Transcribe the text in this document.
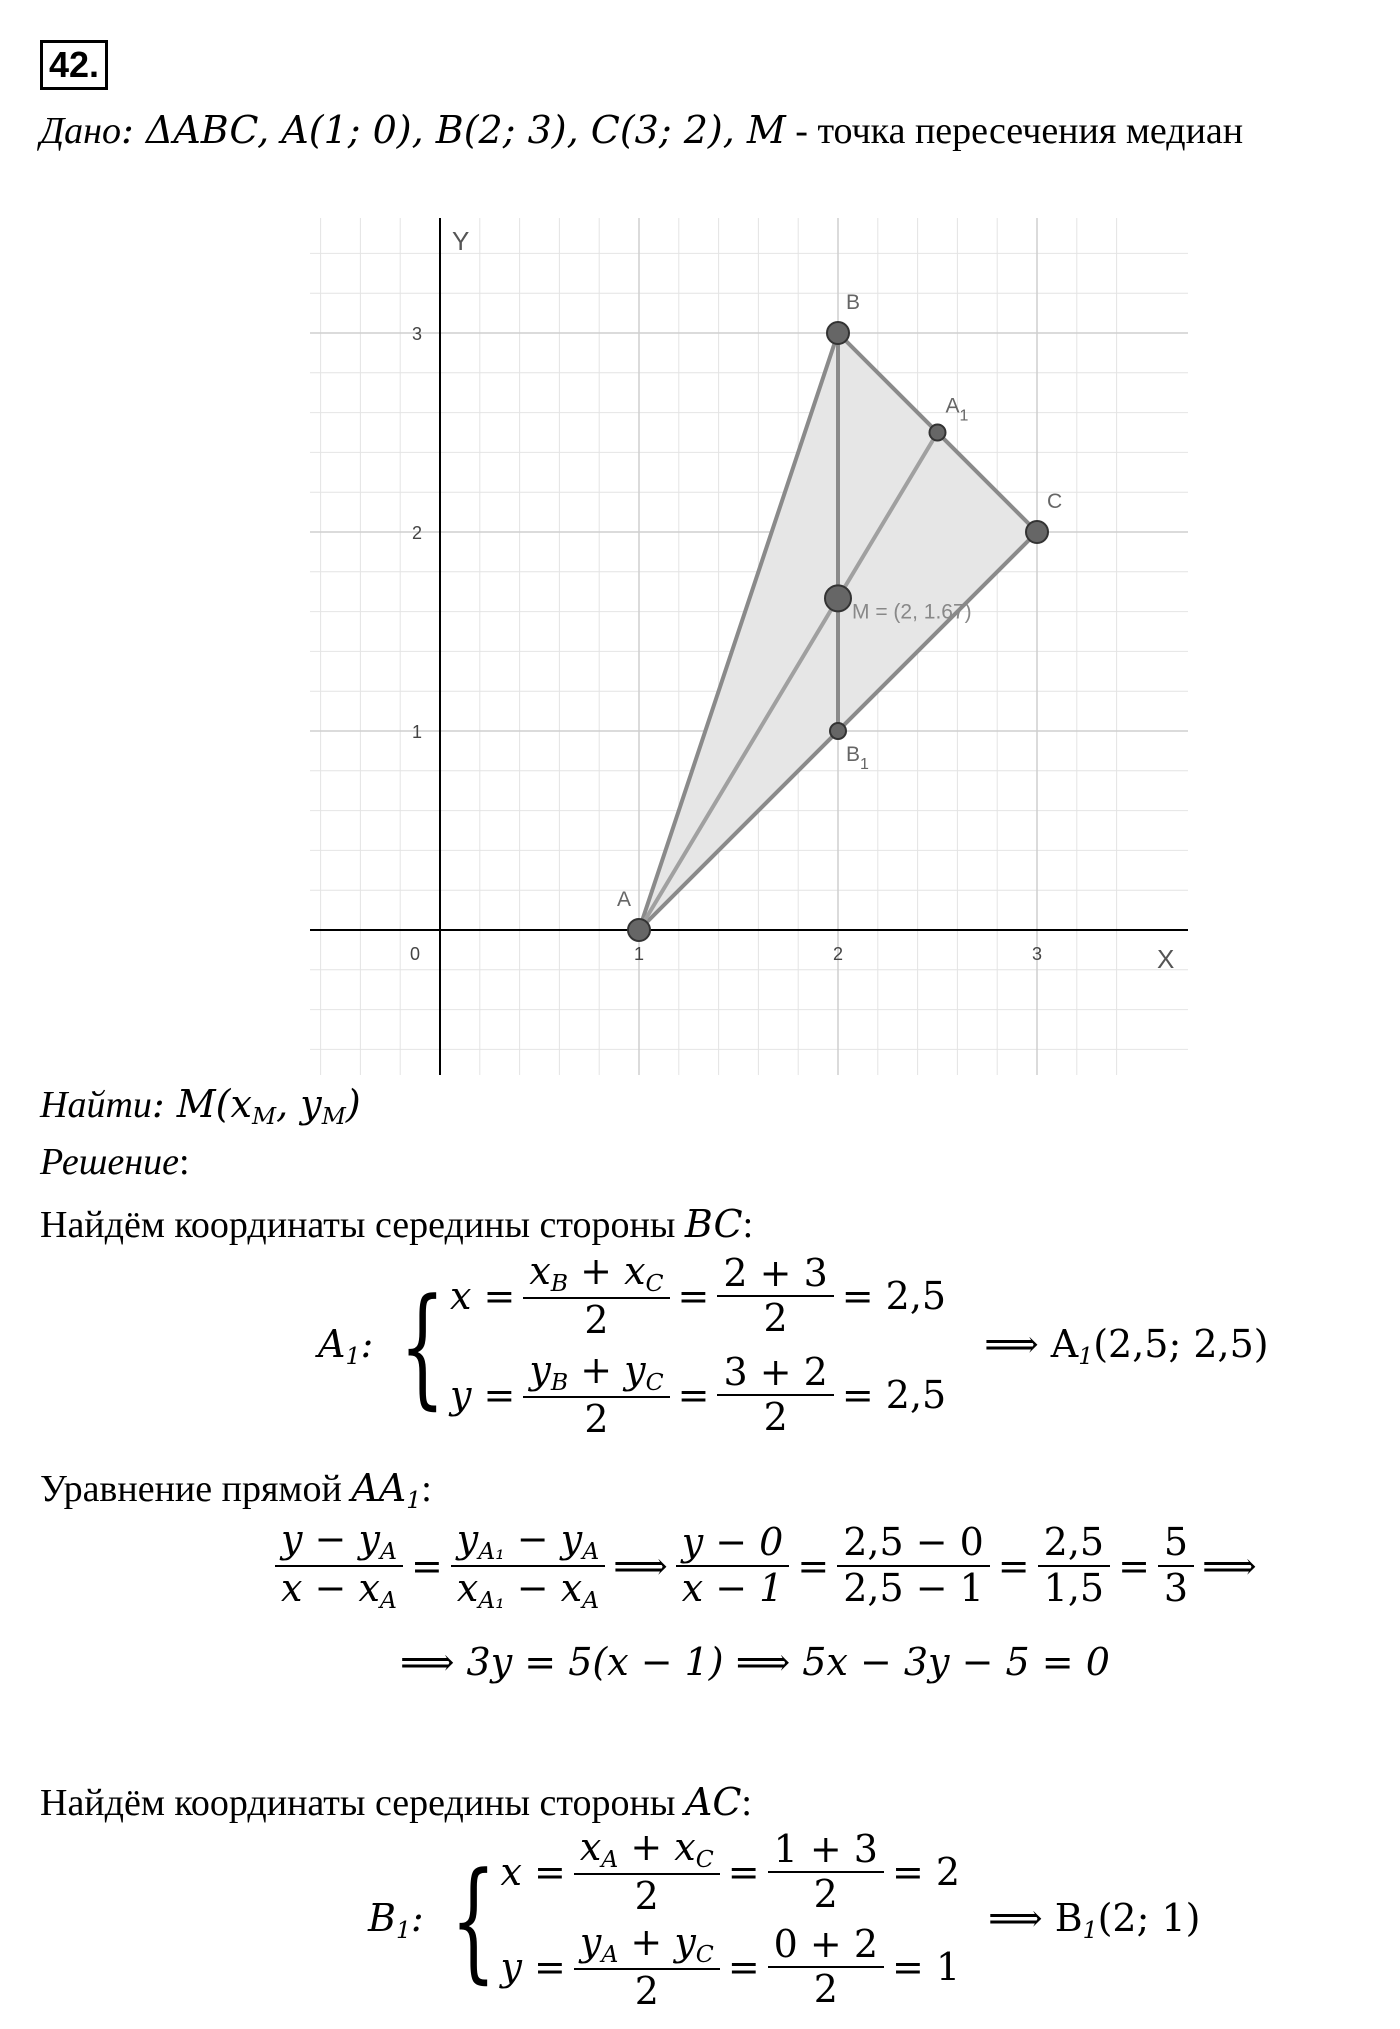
42.
Дано: ΔABC, A(1; 0), B(2; 3), C(3; 2), M - точка пересечения медиан
X
Y
0	1	2	3
1
2
3
A
B
C
$A_1$
$B_1$
M = (2, 1.67)
Найти: $M(x_M$, $y_M$)
Решение:
Найдём координаты середины стороны BC:
$A_1$: { $x = \frac{x_B + x_C}{2} = \frac{2 + 3}{2} = 2,5$
$y = \frac{y_B + y_C}{2} = \frac{3 + 2}{2} = 2,5$
⟹ $A_1(2,5$; 2,5)
Уравнение прямой $AA_1$:
$\frac{y - y_A}{x - x_A} = \frac{y_{A_1} - y_A}{x_{A_1} - x_A}$ ⟹ $\frac{y - 0}{x - 1} = \frac{2,5 - 0}{2,5 - 1} = \frac{2,5}{1,5} = \frac{5}{3}$ ⟹
⟹ 3y = 5(x − 1) ⟹ 5x − 3y − 5 = 0
Найдём координаты середины стороны AC:
$B_1$: { $x = \frac{x_A + x_C}{2} = \frac{1 + 3}{2} = 2$
$y = \frac{y_A + y_C}{2} = \frac{0 + 2}{2} = 1$
⟹ $B_1(2$; 1)
